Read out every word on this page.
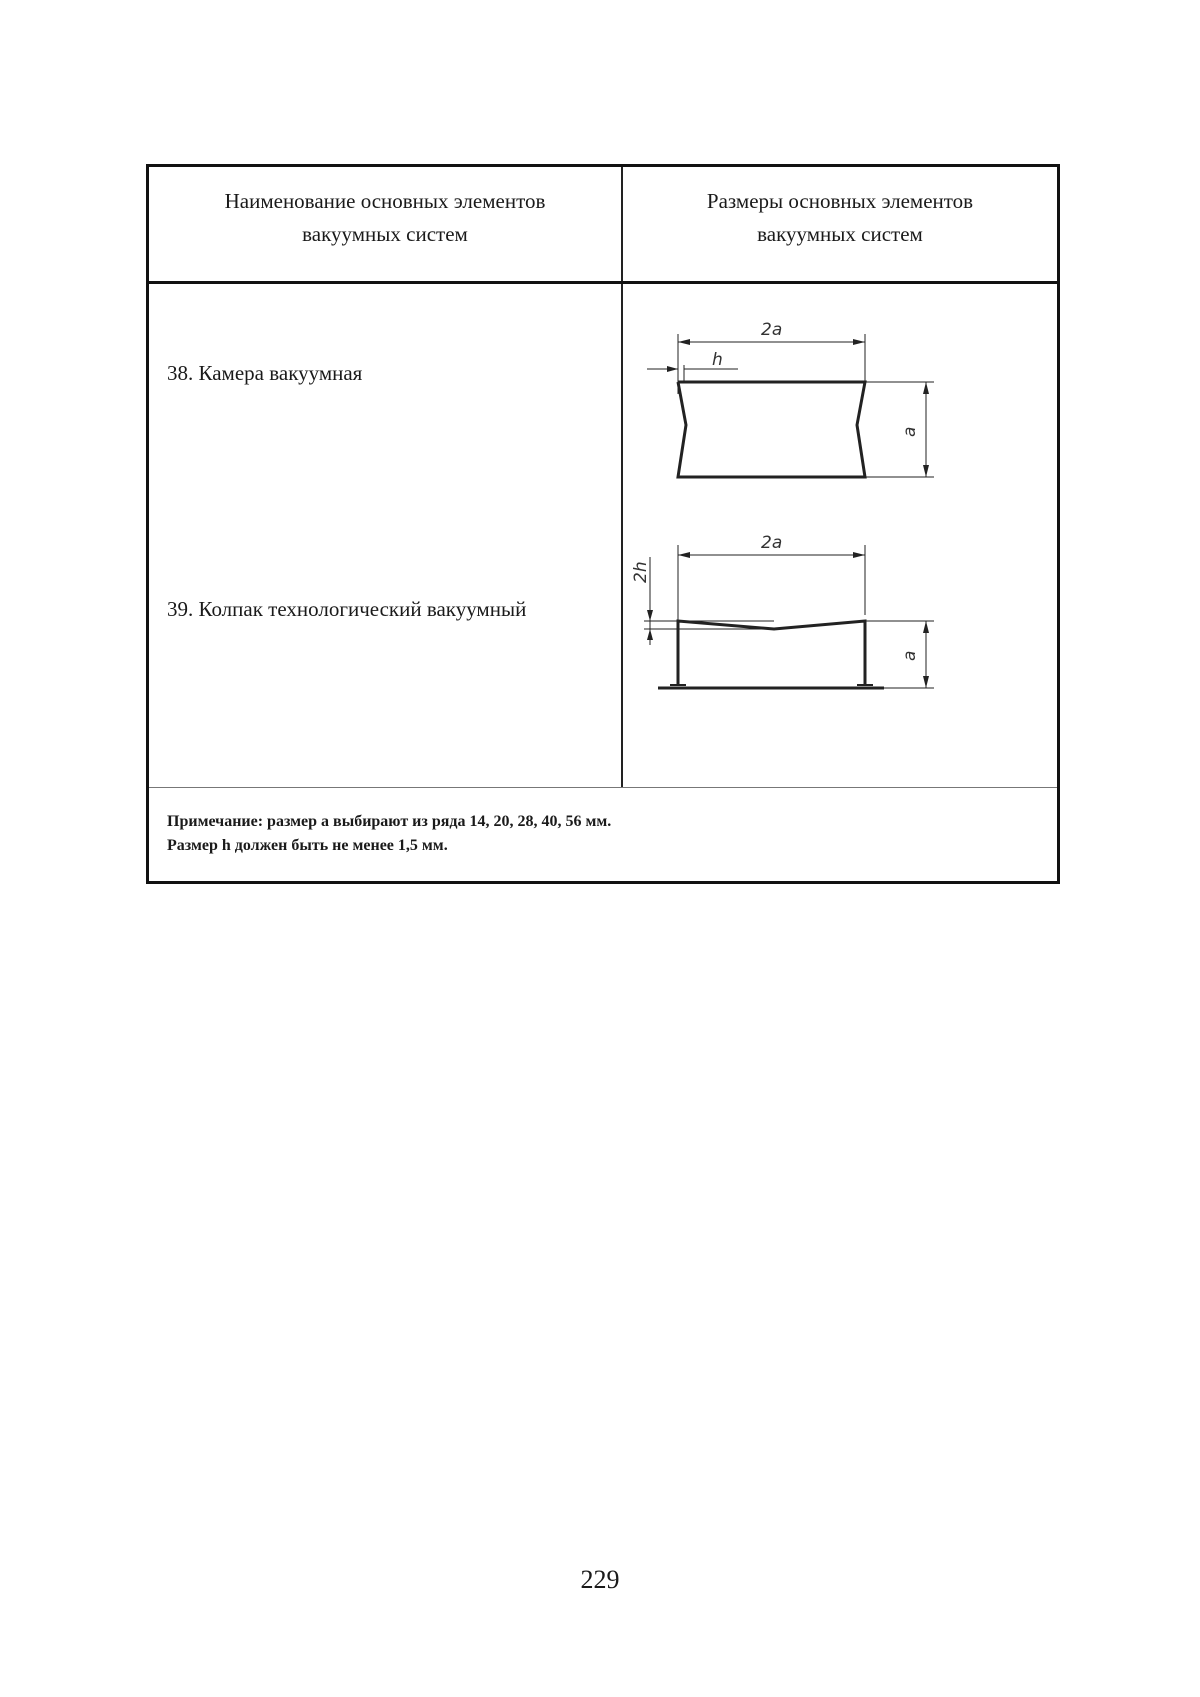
Наименование основных элементов
вакуумных систем
Размеры основных элементов
вакуумных систем
38. Камера вакуумная
39. Колпак технологический вакуумный
2a
h
a
2a
2h
a
Примечание: размер а выбирают из ряда 14, 20, 28, 40, 56 мм.
Размер h должен быть не менее 1,5 мм.
229
